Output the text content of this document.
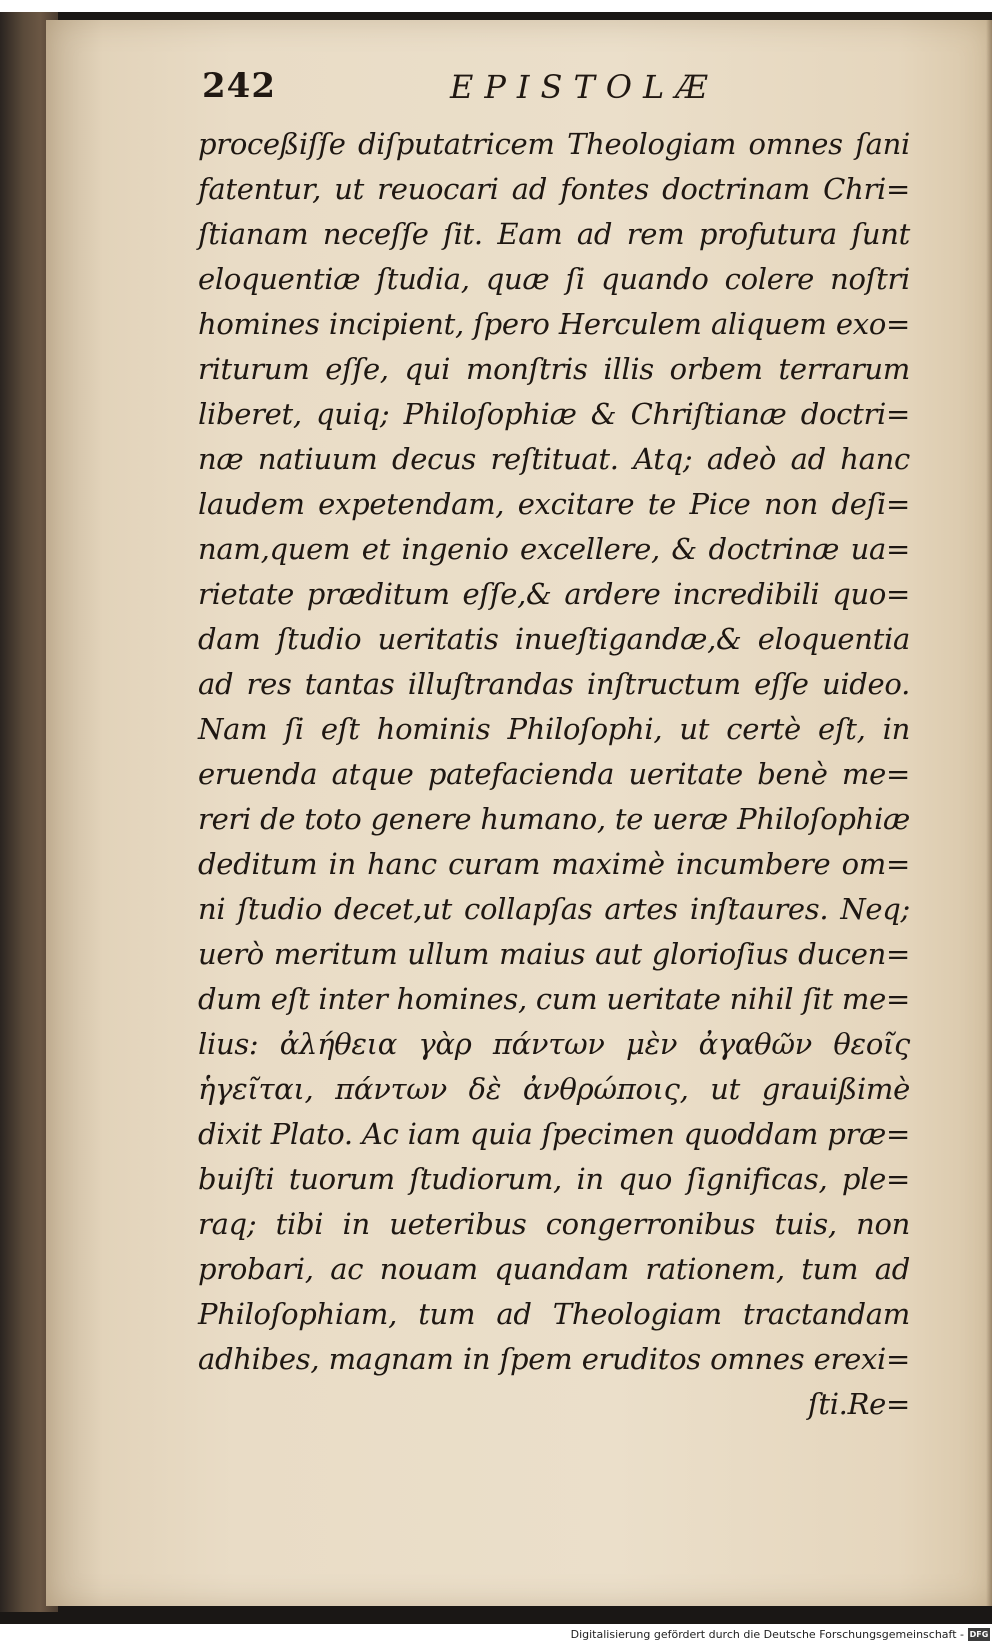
242	EPISTOLÆ
proceßiſſe diſputatricem Theologiam omnes ſani
fatentur, ut reuocari ad fontes doctrinam Chri=
ſtianam neceſſe ſit. Eam ad rem profutura ſunt
eloquentiæ ſtudia, quæ ſi quando colere noſtri
homines incipient, ſpero Herculem aliquem exo=
riturum eſſe, qui monſtris illis orbem terrarum
liberet, quiq; Philoſophiæ & Chriſtianæ doctri=
næ natiuum decus reſtituat. Atq; adeò ad hanc
laudem expetendam, excitare te Pice non deſi=
nam,quem et ingenio excellere, & doctrinæ ua=
rietate præditum eſſe,& ardere incredibili quo=
dam ſtudio ueritatis inueſtigandæ,& eloquentia
ad res tantas illuſtrandas inſtructum eſſe uideo.
Nam ſi eſt hominis Philoſophi, ut certè eſt, in
eruenda atque patefacienda ueritate benè me=
reri de toto genere humano, te ueræ Philoſophiæ
deditum in hanc curam maximè incumbere om=
ni ſtudio decet,ut collapſas artes inſtaures. Neq;
uerò meritum ullum maius aut glorioſius ducen=
dum eſt inter homines, cum ueritate nihil ſit me=
lius: ἀλήθεια γὰρ πάντων μὲν ἀγαθῶν θεοῖς
ἡγεῖται, πάντων δὲ ἀνθρώποις, ut grauißimè
dixit Plato. Ac iam quia ſpecimen quoddam præ=
buiſti tuorum ſtudiorum, in quo ſignificas, ple=
raq; tibi in ueteribus congerronibus tuis, non
probari, ac nouam quandam rationem, tum ad
Philoſophiam, tum ad Theologiam tractandam
adhibes, magnam in ſpem eruditos omnes erexi=
ſti.Re=
Digitalisierung gefördert durch die Deutsche Forschungsgemeinschaft - DFG
